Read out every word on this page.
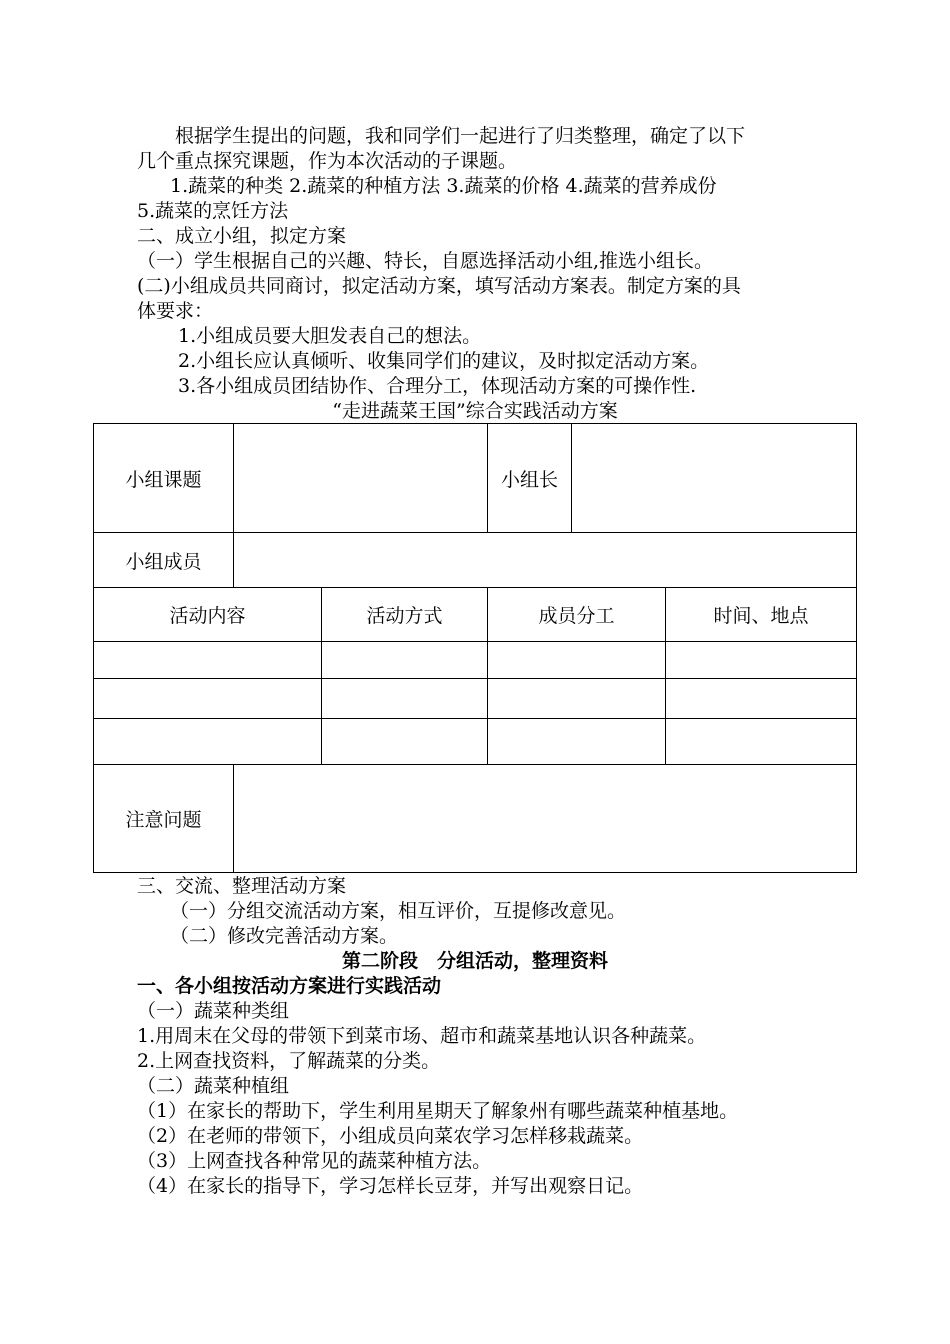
根据学生提出的问题，我和同学们一起进行了归类整理，确定了以下
几个重点探究课题，作为本次活动的子课题。
1.蔬菜的种类 2.蔬菜的种植方法 3.蔬菜的价格 4.蔬菜的营养成份
5.蔬菜的烹饪方法
二、成立小组，拟定方案
（一）学生根据自己的兴趣、特长，自愿选择活动小组,推选小组长。
(二)小组成员共同商讨，拟定活动方案，填写活动方案表。制定方案的具
体要求：
1.小组成员要大胆发表自己的想法。
2.小组长应认真倾听、收集同学们的建议，及时拟定活动方案。
3.各小组成员团结协作、合理分工，体现活动方案的可操作性.
“走进蔬菜王国”综合实践活动方案
小组课题			小组长		
小组成员					
活动内容		活动方式	成员分工		时间、地点

注意问题					
三、交流、整理活动方案
（一）分组交流活动方案，相互评价，互提修改意见。
（二）修改完善活动方案。
第二阶段　分组活动，整理资料
一、各小组按活动方案进行实践活动
（一）蔬菜种类组
1.用周末在父母的带领下到菜市场、超市和蔬菜基地认识各种蔬菜。
2.上网查找资料，了解蔬菜的分类。
（二）蔬菜种植组
（1）在家长的帮助下，学生利用星期天了解象州有哪些蔬菜种植基地。
（2）在老师的带领下，小组成员向菜农学习怎样移栽蔬菜。
（3）上网查找各种常见的蔬菜种植方法。
（4）在家长的指导下，学习怎样长豆芽，并写出观察日记。
